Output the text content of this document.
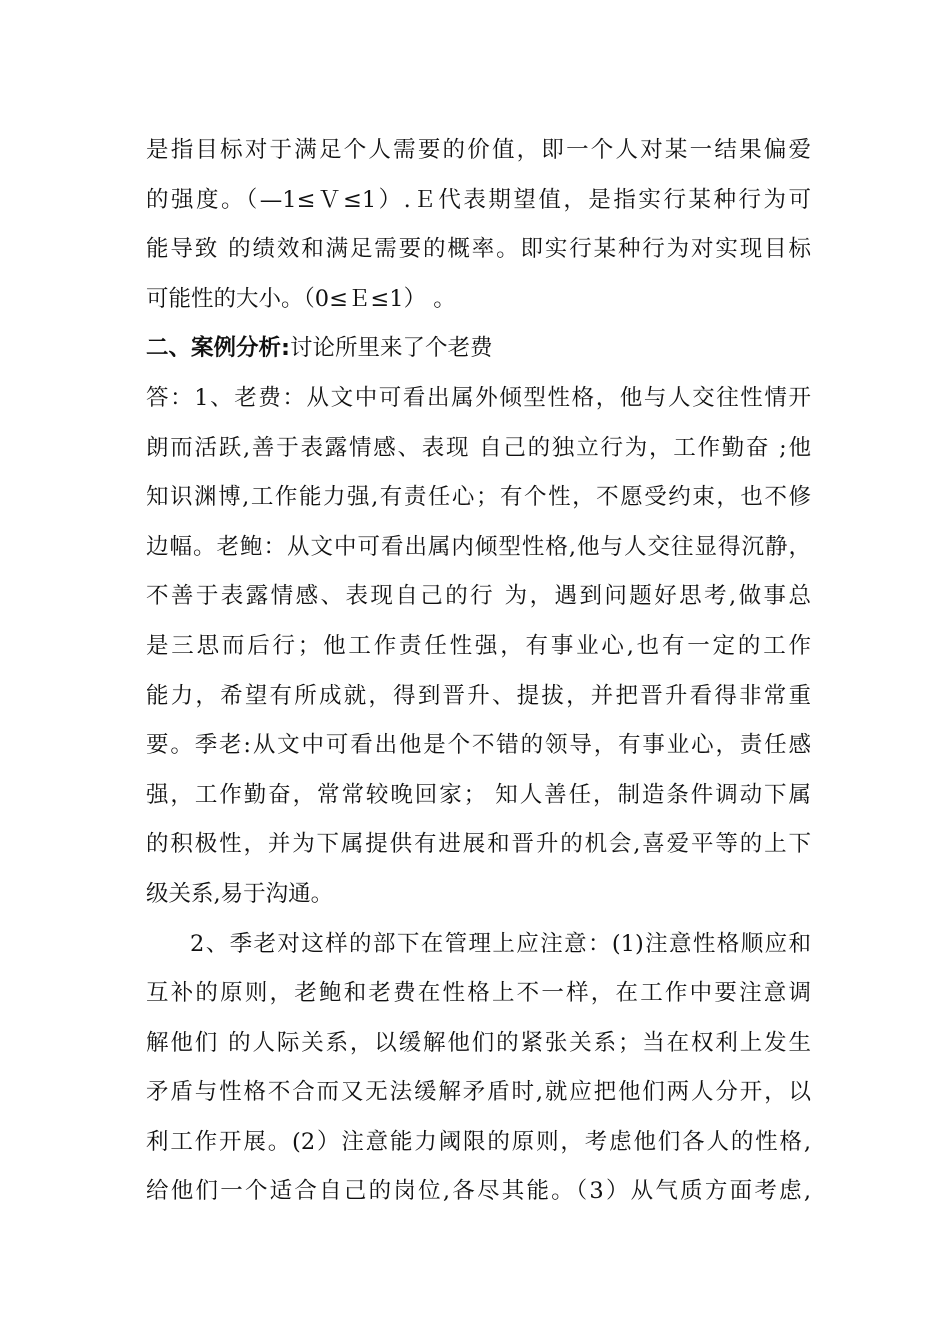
是指目标对于满足个人需要的价值，即一个人对某一结果偏爱
的强度。（—1≤Ｖ≤1）.Ｅ代表期望值，是指实行某种行为可
能导致 的绩效和满足需要的概率。即实行某种行为对实现目标
可能性的大小。（0≤Ｅ≤1） 。
二、案例分析:讨论所里来了个老费
答：1、老费：从文中可看出属外倾型性格，他与人交往性情开
朗而活跃,善于表露情感、表现 自己的独立行为，工作勤奋 ;他
知识渊博,工作能力强,有责任心；有个性，不愿受约束，也不修
边幅。老鲍：从文中可看出属内倾型性格,他与人交往显得沉静，
不善于表露情感、表现自己的行 为，遇到问题好思考,做事总
是三思而后行；他工作责任性强，有事业心,也有一定的工作
能力，希望有所成就，得到晋升、提拔，并把晋升看得非常重
要。季老:从文中可看出他是个不错的领导，有事业心，责任感
强，工作勤奋，常常较晚回家； 知人善任，制造条件调动下属
的积极性，并为下属提供有进展和晋升的机会,喜爱平等的上下
级关系,易于沟通。
2、季老对这样的部下在管理上应注意：(1)注意性格顺应和
互补的原则，老鲍和老费在性格上不一样，在工作中要注意调
解他们 的人际关系，以缓解他们的紧张关系；当在权利上发生
矛盾与性格不合而又无法缓解矛盾时,就应把他们两人分开，以
利工作开展。(2）注意能力阈限的原则，考虑他们各人的性格,
给他们一个适合自己的岗位,各尽其能。（3）从气质方面考虑,
